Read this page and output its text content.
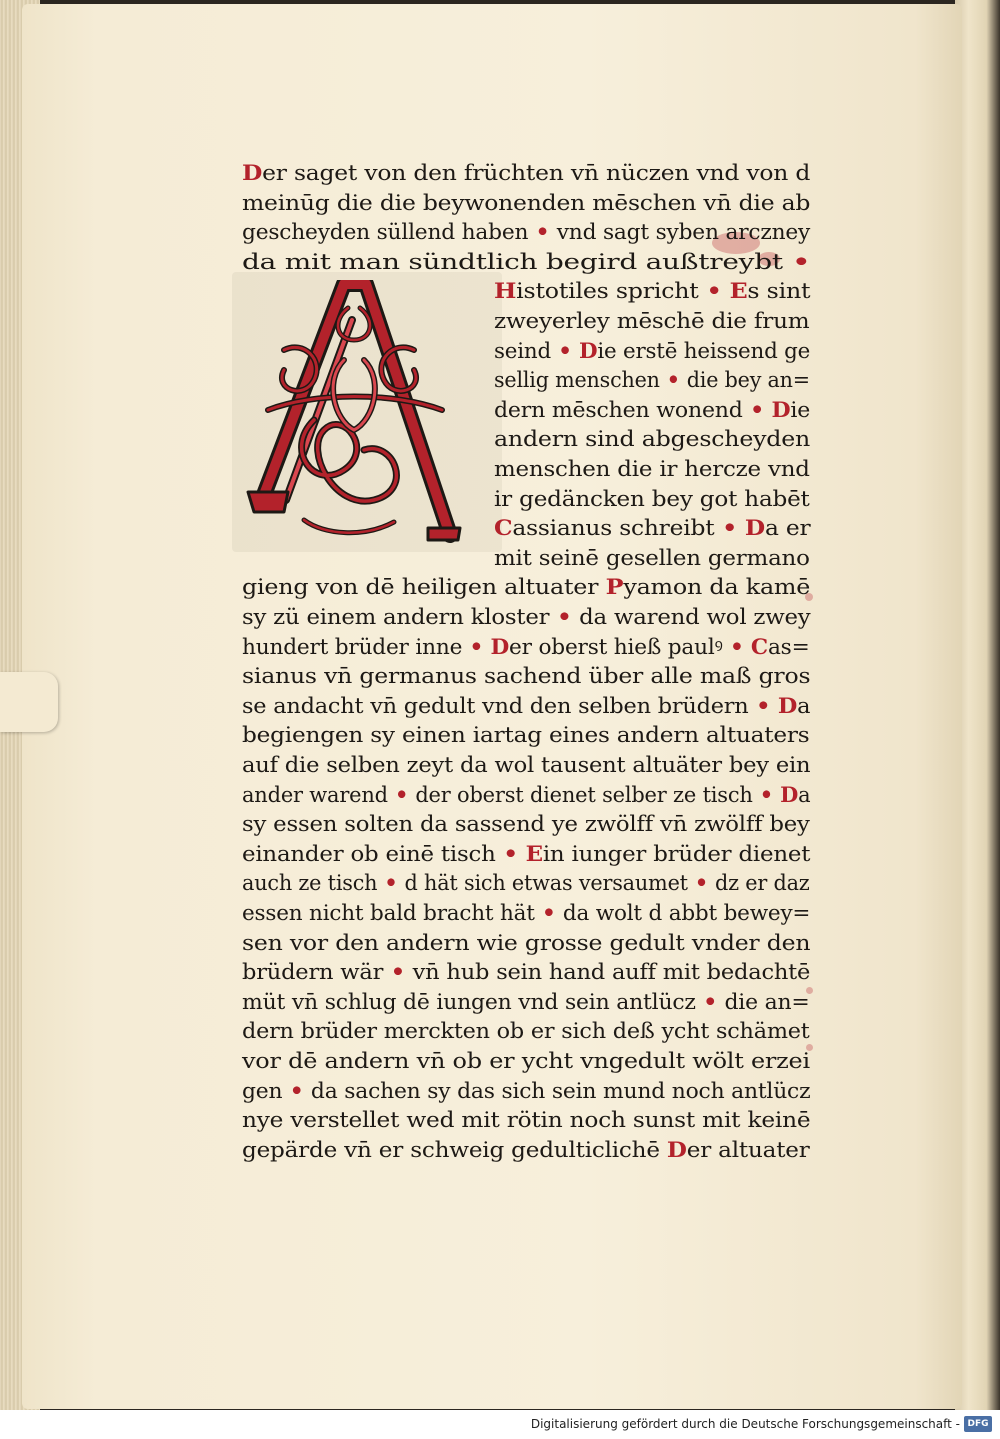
Der saget von den früchten vn̄ nüczen vnd von d
meinūg die die beywonenden mēschen vn̄ die ab
gescheyden süllend haben • vnd sagt syben arczney
da mit man sündtlich begird außtreybt •
Histotiles spricht • Es sint
zweyerley mēschē die frum
seind • Die erstē heissend ge
sellig menschen • die bey an=
dern mēschen wonend • Die
andern sind abgescheyden
menschen die ir hercze vnd
ir gedäncken bey got habēt
Cassianus schreibt • Da er
mit seinē gesellen germano
gieng von dē heiligen altuater Pyamon da kamē
sy zü einem andern kloster • da warend wol zwey
hundert brüder inne • Der oberst hieß paulꝰ • Cas=
sianus vn̄ germanus sachend über alle maß gros
se andacht vn̄ gedult vnd den selben brüdern • Da
begiengen sy einen iartag eines andern altuaters
auf die selben zeyt da wol tausent altuäter bey ein
ander warend • der oberst dienet selber ze tisch • Da
sy essen solten da sassend ye zwölff vn̄ zwölff bey
einander ob einē tisch • Ein iunger brüder dienet
auch ze tisch • d hät sich etwas versaumet • dz er daz
essen nicht bald bracht hät • da wolt d abbt bewey=
sen vor den andern wie grosse gedult vnder den
brüdern wär • vn̄ hub sein hand auff mit bedachtē
müt vn̄ schlug dē iungen vnd sein antlücz • die an=
dern brüder merckten ob er sich deß ycht schämet
vor dē andern vn̄ ob er ycht vngedult wölt erzei
gen • da sachen sy das sich sein mund noch antlücz
nye verstellet wed mit rötin noch sunst mit keinē
gepärde vn̄ er schweig gedulticlichē Der altuater
Digitalisierung gefördert durch die Deutsche Forschungsgemeinschaft - DFG
